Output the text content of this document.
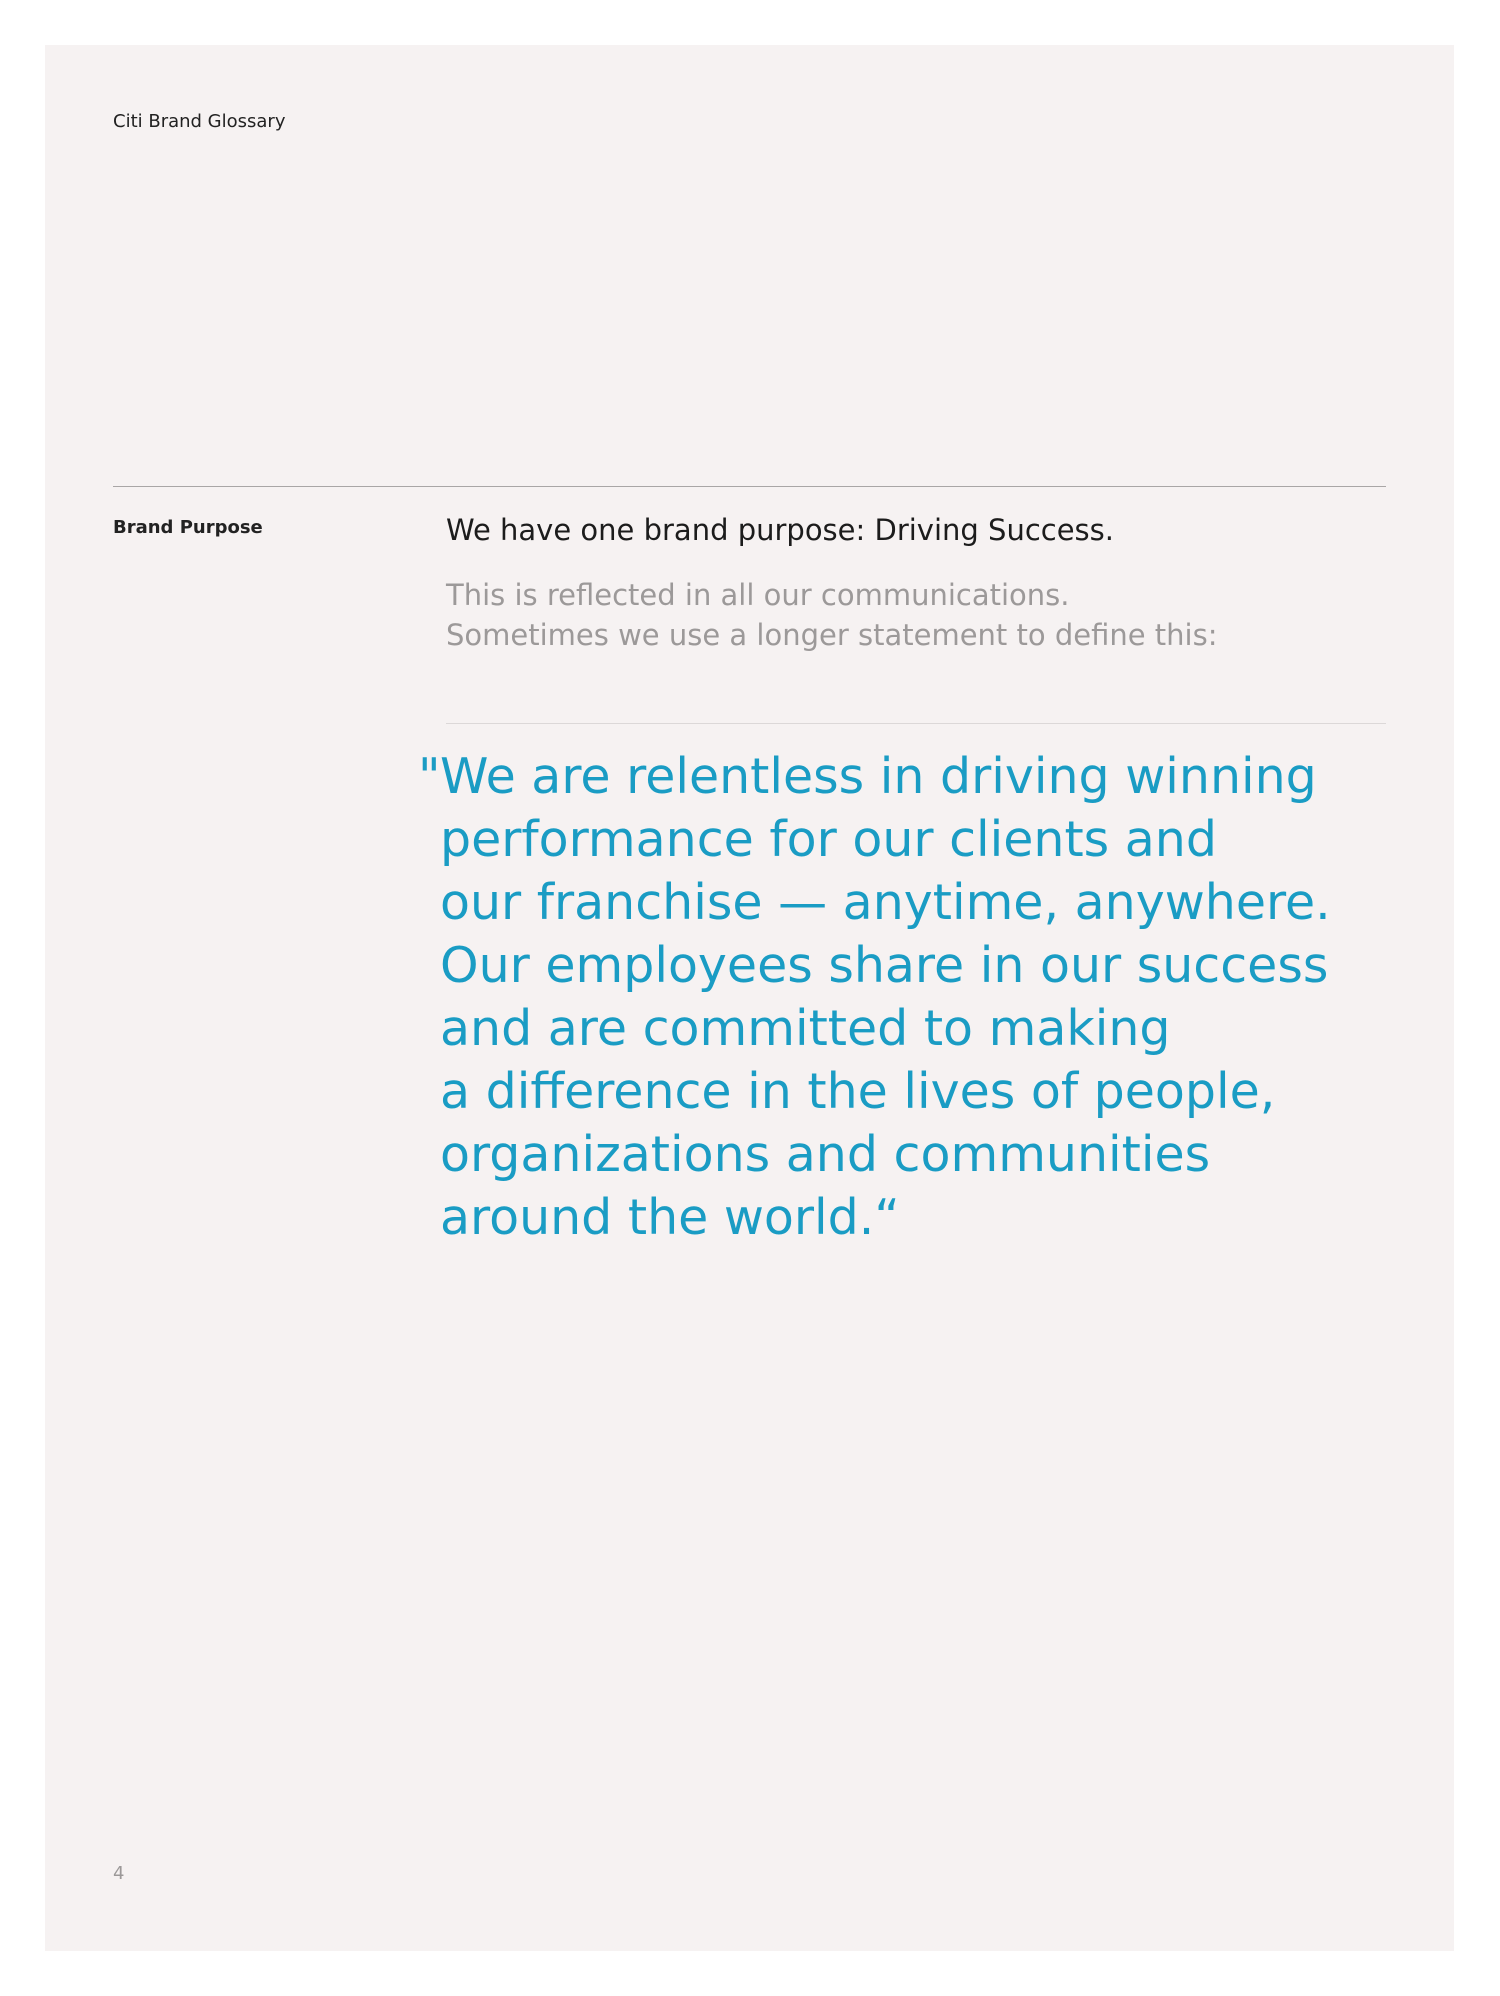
Citi Brand Glossary

Brand Purpose	We have one brand purpose: Driving Success.

This is reflected in all our communications.
Sometimes we use a longer statement to define this:

" We are relentless in driving winning
performance for our clients and
our franchise — anytime, anywhere.
Our employees share in our success
and are committed to making
a difference in the lives of people,
organizations and communities
around the world.“

4
